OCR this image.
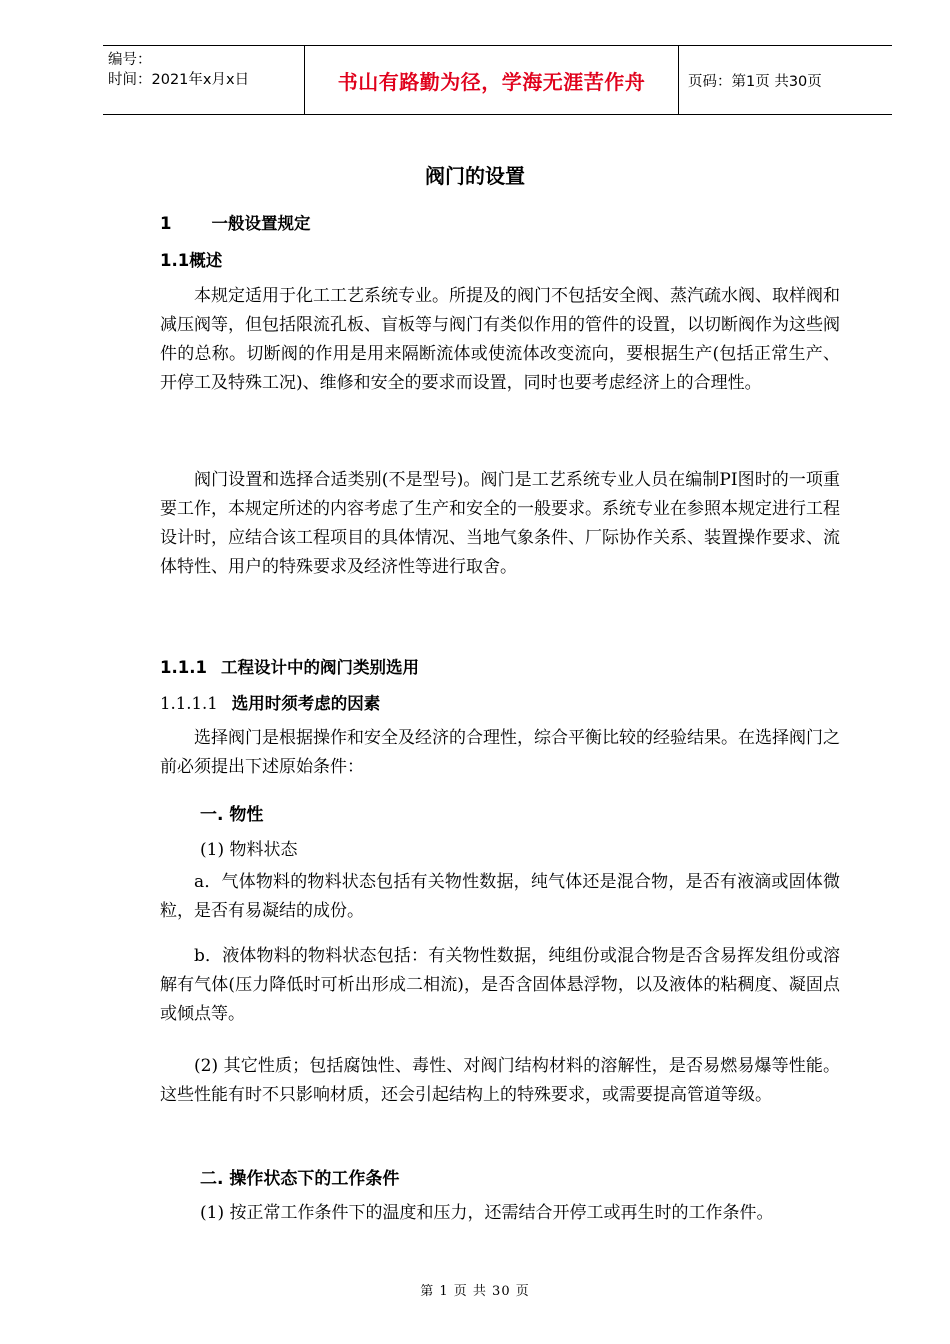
编号：
时间：2021年x月x日	书山有路勤为径，学海无涯苦作舟	页码：第1页 共30页
阀门的设置
1 一般设置规定
1.1概述
本规定适用于化工工艺系统专业。所提及的阀门不包括安全阀、蒸汽疏水阀、取样阀和减压阀等，但包括限流孔板、盲板等与阀门有类似作用的管件的设置，以切断阀作为这些阀件的总称。切断阀的作用是用来隔断流体或使流体改变流向，要根据生产(包括正常生产、开停工及特殊工况)、维修和安全的要求而设置，同时也要考虑经济上的合理性。
阀门设置和选择合适类别(不是型号)。阀门是工艺系统专业人员在编制PI图时的一项重要工作，本规定所述的内容考虑了生产和安全的一般要求。系统专业在参照本规定进行工程设计时，应结合该工程项目的具体情况、当地气象条件、厂际协作关系、装置操作要求、流体特性、用户的特殊要求及经济性等进行取舍。
1.1.1 工程设计中的阀门类别选用
1.1.1.1 选用时须考虑的因素
选择阀门是根据操作和安全及经济的合理性，综合平衡比较的经验结果。在选择阀门之前必须提出下述原始条件：
一. 物性
(1) 物料状态
a．气体物料的物料状态包括有关物性数据，纯气体还是混合物，是否有液滴或固体微粒，是否有易凝结的成份。
b．液体物料的物料状态包括：有关物性数据，纯组份或混合物是否含易挥发组份或溶解有气体(压力降低时可析出形成二相流)，是否含固体悬浮物，以及液体的粘稠度、凝固点或倾点等。
(2) 其它性质；包括腐蚀性、毒性、对阀门结构材料的溶解性，是否易燃易爆等性能。这些性能有时不只影响材质，还会引起结构上的特殊要求，或需要提高管道等级。
二. 操作状态下的工作条件
(1) 按正常工作条件下的温度和压力，还需结合开停工或再生时的工作条件。
第 1 页 共 30 页
